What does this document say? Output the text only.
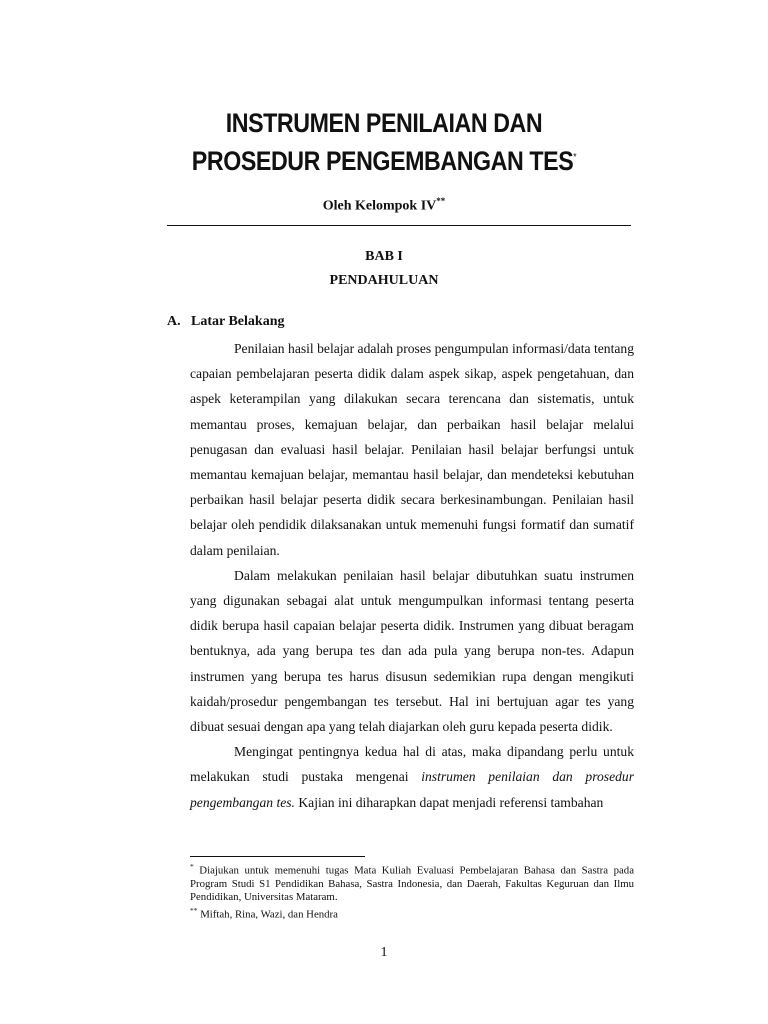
INSTRUMEN PENILAIAN DAN
PROSEDUR PENGEMBANGAN TES*
Oleh Kelompok IV**
BAB I
PENDAHULUAN
A. Latar Belakang

Penilaian hasil belajar adalah proses pengumpulan informasi/data tentang capaian pembelajaran peserta didik dalam aspek sikap, aspek pengetahuan, dan aspek keterampilan yang dilakukan secara terencana dan sistematis, untuk memantau proses, kemajuan belajar, dan perbaikan hasil belajar melalui penugasan dan evaluasi hasil belajar. Penilaian hasil belajar berfungsi untuk memantau kemajuan belajar, memantau hasil belajar, dan mendeteksi kebutuhan perbaikan hasil belajar peserta didik secara berkesinambungan. Penilaian hasil belajar oleh pendidik dilaksanakan untuk memenuhi fungsi formatif dan sumatif dalam penilaian.

Dalam melakukan penilaian hasil belajar dibutuhkan suatu instrumen yang digunakan sebagai alat untuk mengumpulkan informasi tentang peserta didik berupa hasil capaian belajar peserta didik. Instrumen yang dibuat beragam bentuknya, ada yang berupa tes dan ada pula yang berupa non-tes. Adapun instrumen yang berupa tes harus disusun sedemikian rupa dengan mengikuti kaidah/prosedur pengembangan tes tersebut. Hal ini bertujuan agar tes yang dibuat sesuai dengan apa yang telah diajarkan oleh guru kepada peserta didik.

Mengingat pentingnya kedua hal di atas, maka dipandang perlu untuk melakukan studi pustaka mengenai instrumen penilaian dan prosedur pengembangan tes. Kajian ini diharapkan dapat menjadi referensi tambahan

* Diajukan untuk memenuhi tugas Mata Kuliah Evaluasi Pembelajaran Bahasa dan Sastra pada Program Studi S1 Pendidikan Bahasa, Sastra Indonesia, dan Daerah, Fakultas Keguruan dan Ilmu Pendidikan, Universitas Mataram.

** Miftah, Rina, Wazi, dan Hendra

1
